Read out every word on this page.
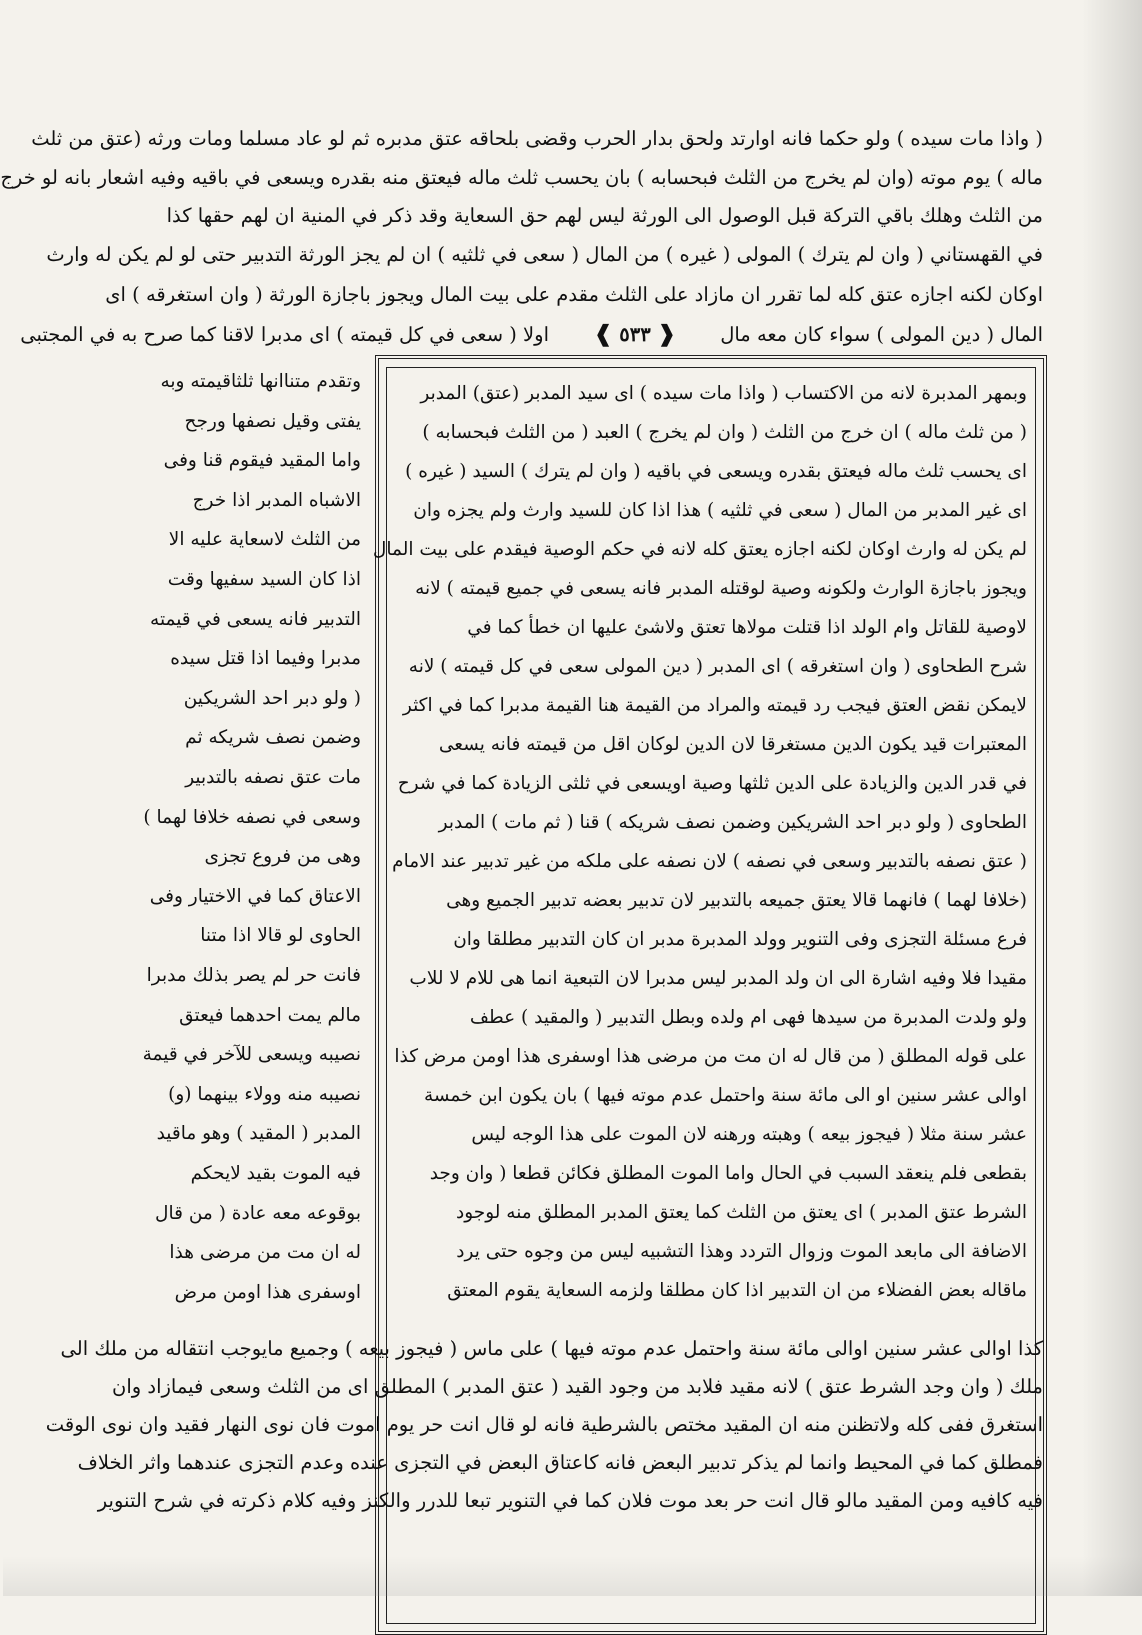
( واذا مات سيده ) ولو حكما فانه اوارتد ولحق بدار الحرب وقضى بلحاقه عتق مدبره ثم لو عاد مسلما ومات ورثه (عتق من ثلث
ماله ) يوم موته (وان لم يخرج من الثلث فبحسابه ) بان يحسب ثلث ماله فيعتق منه بقدره ويسعى في باقيه وفيه اشعار بانه لو خرج
من الثلث وهلك باقي التركة قبل الوصول الى الورثة ليس لهم حق السعاية وقد ذكر في المنية ان لهم حقها كذا
في القهستاني ( وان لم يترك ) المولى ( غيره ) من المال ( سعى في ثلثيه ) ان لم يجز الورثة التدبير حتى لو لم يكن له وارث
اوكان لكنه اجازه عتق كله لما تقرر ان مازاد على الثلث مقدم على بيت المال ويجوز باجازة الورثة ( وان استغرقه ) اى
المال ( دين المولى ) سواء كان معه مال
❰ ٥٣٣ ❱
اولا ( سعى في كل قيمته ) اى مدبرا لاقنا كما صرح به في المجتبى
وبمهر المدبرة لانه من الاكتساب ( واذا مات سيده ) اى سيد المدبر (عتق) المدبر
( من ثلث ماله ) ان خرج من الثلث ( وان لم يخرج ) العبد ( من الثلث فبحسابه )
اى يحسب ثلث ماله فيعتق بقدره ويسعى في باقيه ( وان لم يترك ) السيد ( غيره )
اى غير المدبر من المال ( سعى في ثلثيه ) هذا اذا كان للسيد وارث ولم يجزه وان
لم يكن له وارث اوكان لكنه اجازه يعتق كله لانه في حكم الوصية فيقدم على بيت المال
ويجوز باجازة الوارث ولكونه وصية لوقتله المدبر فانه يسعى في جميع قيمته ) لانه
لاوصية للقاتل وام الولد اذا قتلت مولاها تعتق ولاشئ عليها ان خطأ كما في
شرح الطحاوى ( وان استغرقه ) اى المدبر ( دين المولى سعى في كل قيمته ) لانه
لايمكن نقض العتق فيجب رد قيمته والمراد من القيمة هنا القيمة مدبرا كما في اكثر
المعتبرات قيد يكون الدين مستغرقا لان الدين لوكان اقل من قيمته فانه يسعى
في قدر الدين والزيادة على الدين ثلثها وصية اويسعى في ثلثى الزيادة كما في شرح
الطحاوى ( ولو دبر احد الشريكين وضمن نصف شريكه ) قنا ( ثم مات ) المدبر
( عتق نصفه بالتدبير وسعى في نصفه ) لان نصفه على ملكه من غير تدبير عند الامام
(خلافا لهما ) فانهما قالا يعتق جميعه بالتدبير لان تدبير بعضه تدبير الجميع وهى
فرع مسئلة التجزى وفى التنوير وولد المدبرة مدبر ان كان التدبير مطلقا وان
مقيدا فلا وفيه اشارة الى ان ولد المدبر ليس مدبرا لان التبعية انما هى للام لا للاب
ولو ولدت المدبرة من سيدها فهى ام ولده وبطل التدبير ( والمقيد ) عطف
على قوله المطلق ( من قال له ان مت من مرضى هذا اوسفرى هذا اومن مرض كذا
اوالى عشر سنين او الى مائة سنة واحتمل عدم موته فيها ) بان يكون ابن خمسة
عشر سنة مثلا ( فيجوز بيعه ) وهبته ورهنه لان الموت على هذا الوجه ليس
بقطعى فلم ينعقد السبب في الحال واما الموت المطلق فكائن قطعا ( وان وجد
الشرط عتق المدبر ) اى يعتق من الثلث كما يعتق المدبر المطلق منه لوجود
الاضافة الى مابعد الموت وزوال التردد وهذا التشبيه ليس من وجوه حتى يرد
ماقاله بعض الفضلاء من ان التدبير اذا كان مطلقا ولزمه السعاية يقوم المعتق
وتقدم متناانها ثلثاقيمته وبه
يفتى وقيل نصفها ورجح
واما المقيد فيقوم قنا وفى
الاشباه المدبر اذا خرج
من الثلث لاسعاية عليه الا
اذا كان السيد سفيها وقت
التدبير فانه يسعى في قيمته
مدبرا وفيما اذا قتل سيده
( ولو دبر احد الشريكين
وضمن نصف شريكه ثم
مات عتق نصفه بالتدبير
وسعى في نصفه خلافا لهما )
وهى من فروع تجزى
الاعتاق كما في الاختيار وفى
الحاوى لو قالا اذا متنا
فانت حر لم يصر بذلك مدبرا
مالم يمت احدهما فيعتق
نصيبه ويسعى للآخر في قيمة
نصيبه منه وولاء بينهما (و)
المدبر ( المقيد ) وهو ماقيد
فيه الموت بقيد لايحكم
بوقوعه معه عادة ( من قال
له ان مت من مرضى هذا
اوسفرى هذا اومن مرض
كذا اوالى عشر سنين اوالى مائة سنة واحتمل عدم موته فيها ) على ماس ( فيجوز بيعه ) وجميع مايوجب انتقاله من ملك الى
ملك ( وان وجد الشرط عتق ) لانه مقيد فلابد من وجود القيد ( عتق المدبر ) المطلق اى من الثلث وسعى فيمازاد وان
استغرق ففى كله ولاتظنن منه ان المقيد مختص بالشرطية فانه لو قال انت حر يوم اموت فان نوى النهار فقيد وان نوى الوقت
فمطلق كما في المحيط وانما لم يذكر تدبير البعض فانه كاعتاق البعض في التجزى عنده وعدم التجزى عندهما واثر الخلاف
فيه كافيه ومن المقيد مالو قال انت حر بعد موت فلان كما في التنوير تبعا للدرر والكنز وفيه كلام ذكرته في شرح التنوير
